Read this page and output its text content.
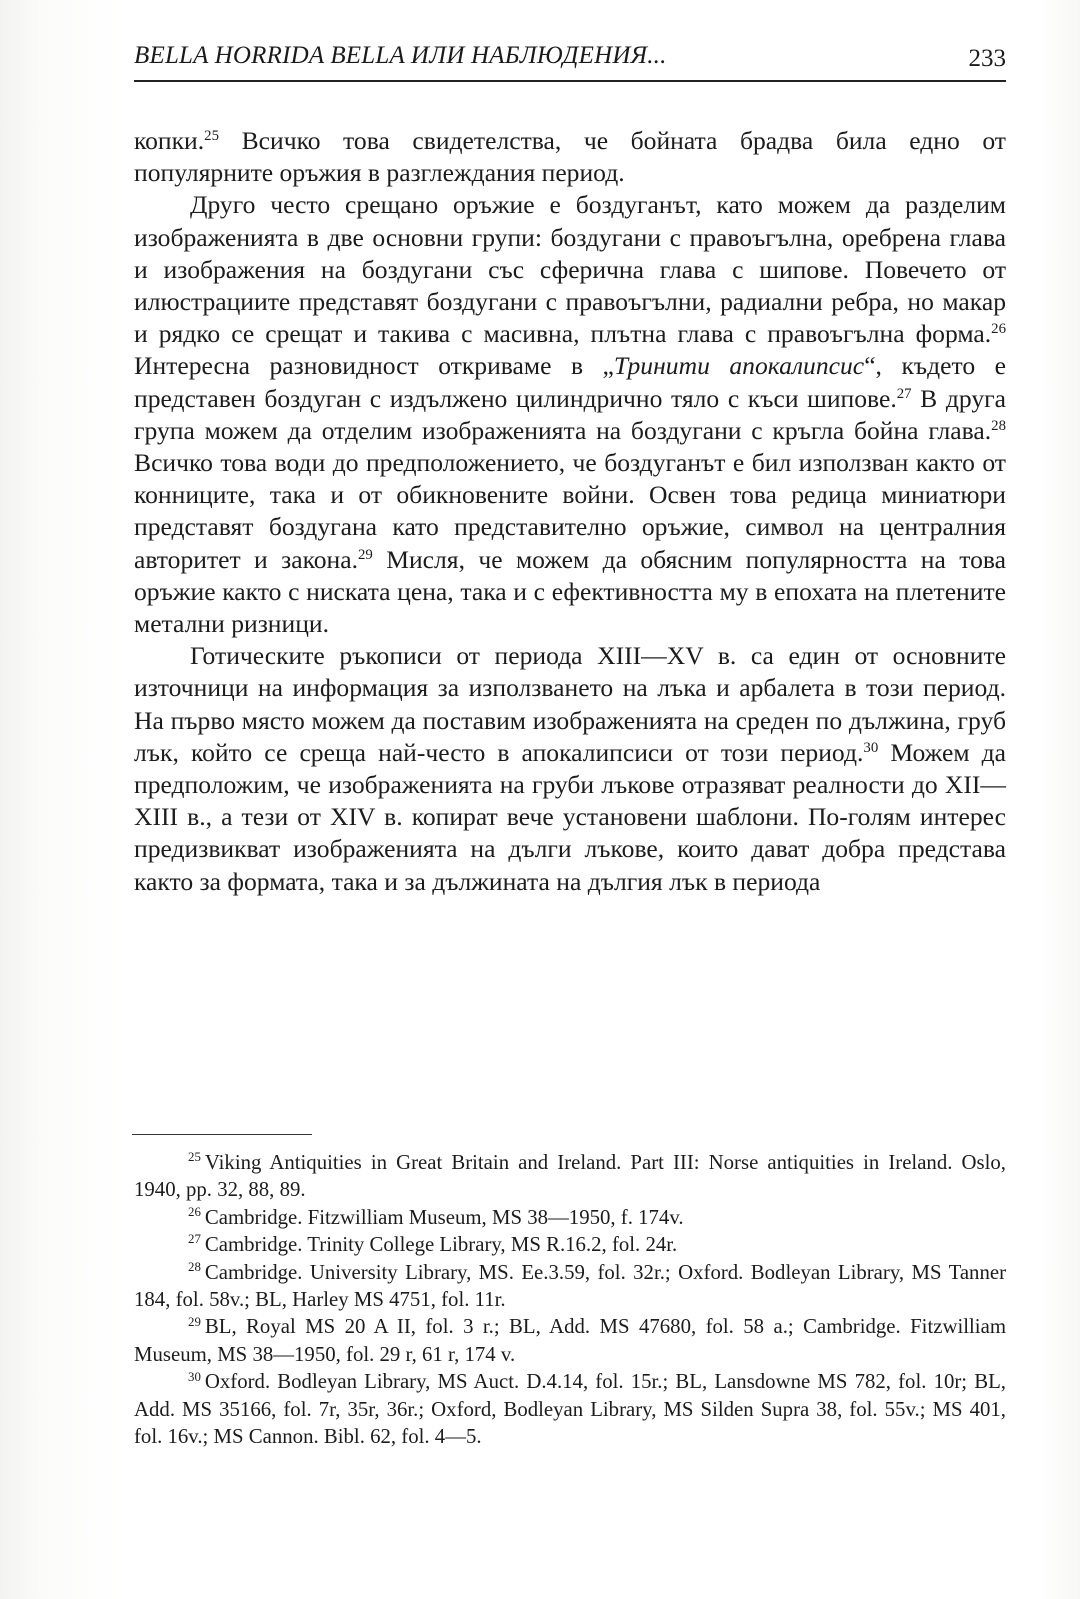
BELLA HORRIDA BELLA ИЛИ НАБЛЮДЕНИЯ...	233

копки.$^{25}$ Всичко това свидетелства, че бойната брадва била едно от популярните оръжия в разглеждания период.

Друго често срещано оръжие е боздуганът, като можем да разделим изображенията в две основни групи: боздугани с правоъгълна, оребрена глава и изображения на боздугани със сферична глава с шипове. Повечето от илюстрациите представят боздугани с правоъгълни, радиални ребра, но макар и рядко се срещат и такива с масивна, плътна глава с правоъгълна форма.$^{26}$ Интересна разновидност откриваме в „Тринити апокалипсис“, където е представен боздуган с издължено цилиндрично тяло с къси шипове.$^{27}$ В друга група можем да отделим изображенията на боздугани с кръгла бойна глава.$^{28}$ Всичко това води до предположението, че боздуганът е бил използван както от конниците, така и от обикновените войни. Освен това редица миниатюри представят боздугана като представително оръжие, символ на централния авторитет и закона.$^{29}$ Мисля, че можем да обясним популярността на това оръжие както с ниската цена, така и с ефективността му в епохата на плетените метални ризници.

Готическите ръкописи от периода XIII—XV в. са един от основните източници на информация за използването на лъка и арбалета в този период. На първо място можем да поставим изображенията на среден по дължина, груб лък, който се среща най-често в апокалипсиси от този период.$^{30}$ Можем да предположим, че изображенията на груби лъкове отразяват реалности до XII—XIII в., а тези от XIV в. копират вече установени шаблони. По-голям интерес предизвикват изображенията на дълги лъкове, които дават добра представа както за формата, така и за дължината на дългия лък в периода

$^{25}$ Viking Antiquities in Great Britain and Ireland. Part III: Norse antiquities in Ireland. Oslo, 1940, pp. 32, 88, 89.

$^{26}$ Cambridge. Fitzwilliam Museum, MS 38—1950, f. 174v.

$^{27}$ Cambridge. Trinity College Library, MS R.16.2, fol. 24r.

$^{28}$ Cambridge. University Library, MS. Ee.3.59, fol. 32r.; Oxford. Bodleyan Library, MS Tanner 184, fol. 58v.; BL, Harley MS 4751, fol. 11r.

$^{29}$ BL, Royal MS 20 A II, fol. 3 r.; BL, Add. MS 47680, fol. 58 a.; Cambridge. Fitzwilliam Museum, MS 38—1950, fol. 29 r, 61 r, 174 v.

$^{30}$ Oxford. Bodleyan Library, MS Auct. D.4.14, fol. 15r.; BL, Lansdowne MS 782, fol. 10r; BL, Add. MS 35166, fol. 7r, 35r, 36r.; Oxford, Bodleyan Library, MS Silden Supra 38, fol. 55v.; MS 401, fol. 16v.; MS Cannon. Bibl. 62, fol. 4—5.
